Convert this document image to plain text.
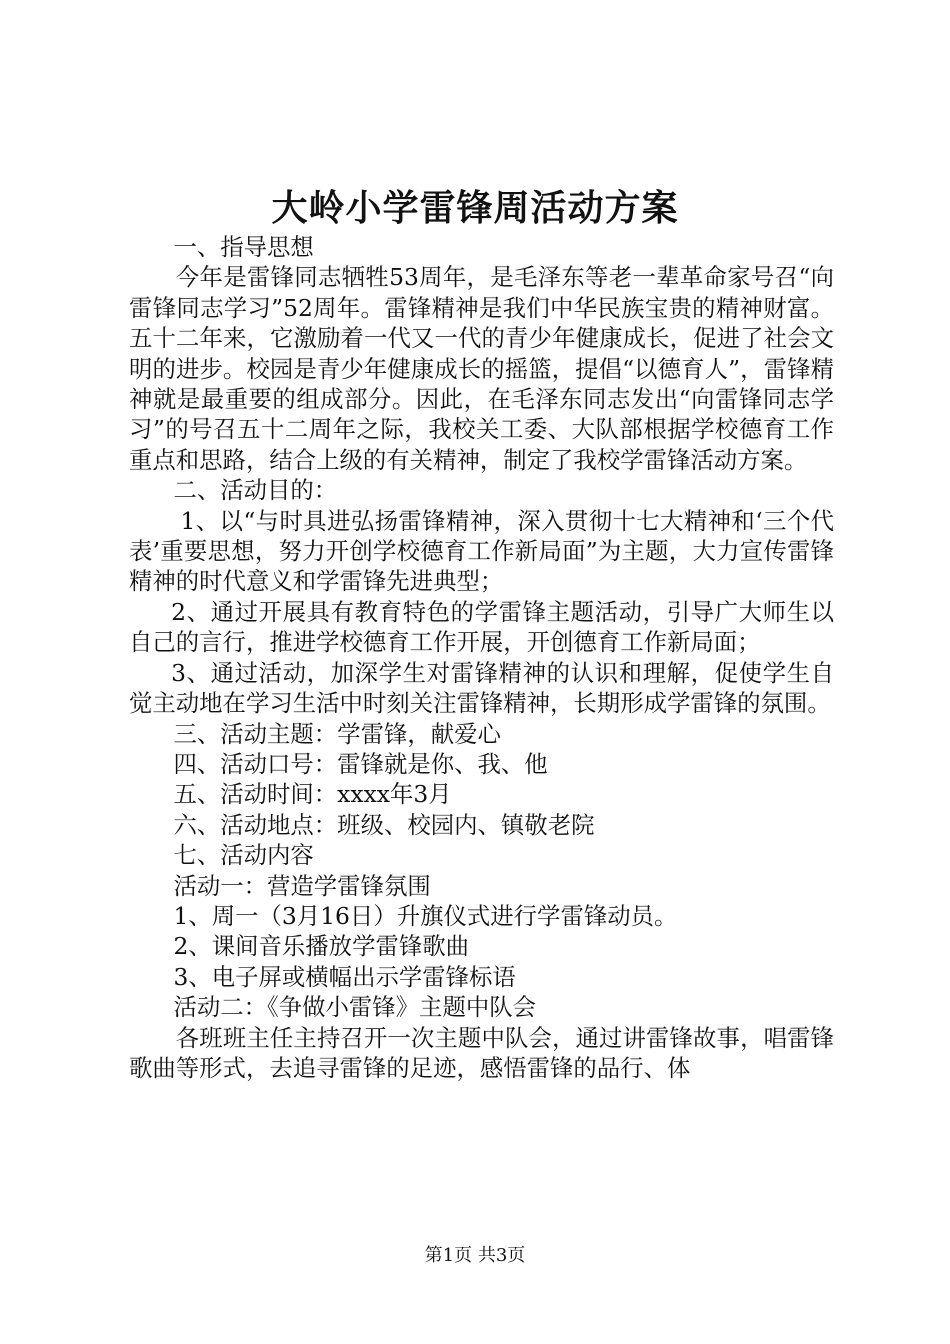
大岭小学雷锋周活动方案

一、指导思想

今年是雷锋同志牺牲53周年，是毛泽东等老一辈革命家号召“向雷锋同志学习”52周年。雷锋精神是我们中华民族宝贵的精神财富。五十二年来，它激励着一代又一代的青少年健康成长，促进了社会文明的进步。校园是青少年健康成长的摇篮，提倡“以德育人”，雷锋精神就是最重要的组成部分。因此，在毛泽东同志发出“向雷锋同志学习”的号召五十二周年之际，我校关工委、大队部根据学校德育工作重点和思路，结合上级的有关精神，制定了我校学雷锋活动方案。

二、活动目的：

1、以“与时具进弘扬雷锋精神，深入贯彻十七大精神和‘三个代表’重要思想，努力开创学校德育工作新局面”为主题，大力宣传雷锋精神的时代意义和学雷锋先进典型；

2、通过开展具有教育特色的学雷锋主题活动，引导广大师生以自己的言行，推进学校德育工作开展，开创德育工作新局面；

3、通过活动，加深学生对雷锋精神的认识和理解，促使学生自觉主动地在学习生活中时刻关注雷锋精神，长期形成学雷锋的氛围。

三、活动主题：学雷锋，献爱心

四、活动口号：雷锋就是你、我、他

五、活动时间：xxxx年3月

六、活动地点：班级、校园内、镇敬老院

七、活动内容

活动一：营造学雷锋氛围

1、周一（3月16日）升旗仪式进行学雷锋动员。

2、课间音乐播放学雷锋歌曲

3、电子屏或横幅出示学雷锋标语

活动二：《争做小雷锋》主题中队会

各班班主任主持召开一次主题中队会，通过讲雷锋故事，唱雷锋歌曲等形式，去追寻雷锋的足迹，感悟雷锋的品行、体

第1页 共3页
